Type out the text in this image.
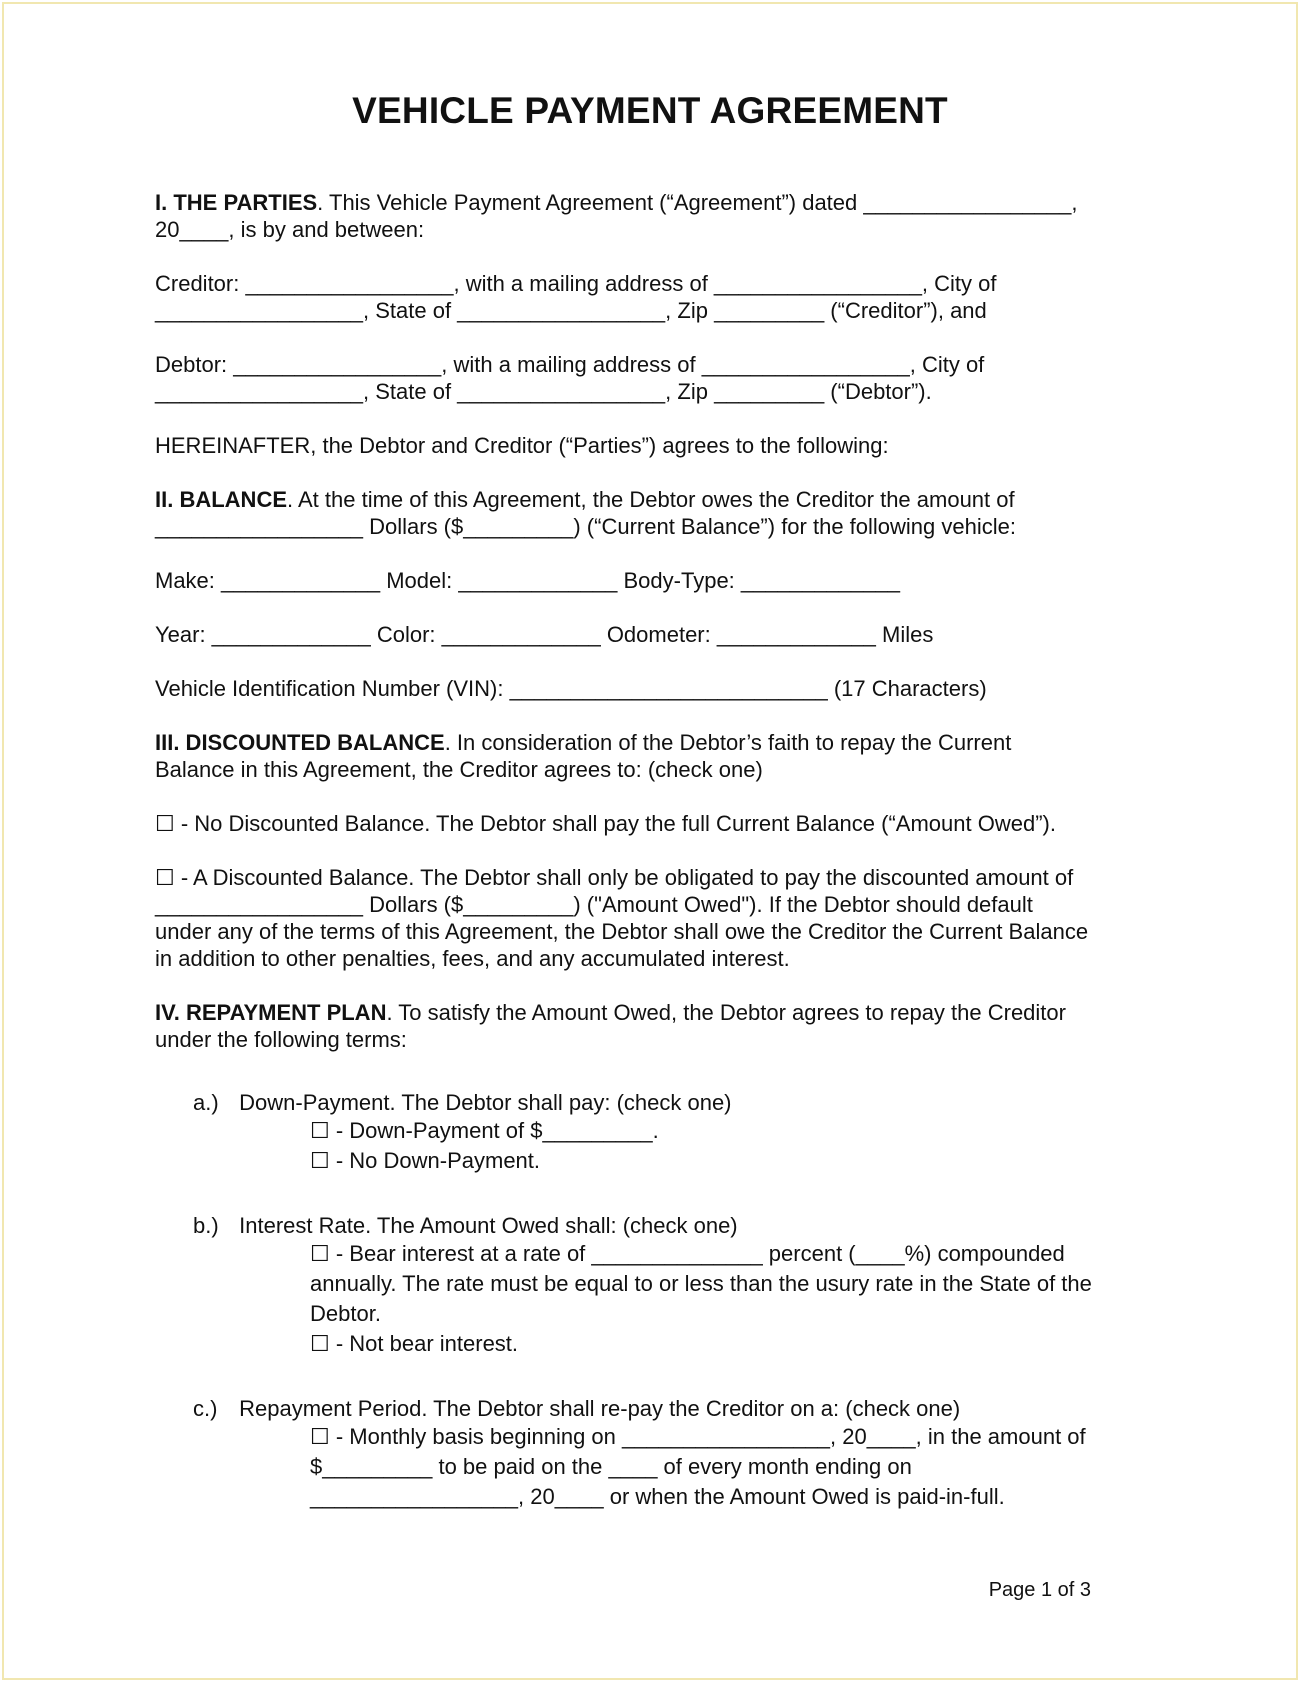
VEHICLE PAYMENT AGREEMENT

I. THE PARTIES. This Vehicle Payment Agreement (“Agreement”) dated _________________,
20____, is by and between:

Creditor: _________________, with a mailing address of _________________, City of
_________________, State of _________________, Zip _________ (“Creditor”), and

Debtor: _________________, with a mailing address of _________________, City of
_________________, State of _________________, Zip _________ (“Debtor”).

HEREINAFTER, the Debtor and Creditor (“Parties”) agrees to the following:

II. BALANCE. At the time of this Agreement, the Debtor owes the Creditor the amount of
_________________ Dollars ($_________) (“Current Balance”) for the following vehicle:

Make: _____________ Model: _____________ Body-Type: _____________

Year: _____________ Color: _____________ Odometer: _____________ Miles

Vehicle Identification Number (VIN): __________________________ (17 Characters)

III. DISCOUNTED BALANCE. In consideration of the Debtor’s faith to repay the Current
Balance in this Agreement, the Creditor agrees to: (check one)

☐ - No Discounted Balance. The Debtor shall pay the full Current Balance (“Amount Owed”).

☐ - A Discounted Balance. The Debtor shall only be obligated to pay the discounted amount of
_________________ Dollars ($_________) ("Amount Owed"). If the Debtor should default
under any of the terms of this Agreement, the Debtor shall owe the Creditor the Current Balance
in addition to other penalties, fees, and any accumulated interest.

IV. REPAYMENT PLAN. To satisfy the Amount Owed, the Debtor agrees to repay the Creditor
under the following terms:

a.) Down-Payment. The Debtor shall pay: (check one)
☐ - Down-Payment of $_________.
☐ - No Down-Payment.
b.) Interest Rate. The Amount Owed shall: (check one)
☐ - Bear interest at a rate of ______________ percent (____%) compounded
annually. The rate must be equal to or less than the usury rate in the State of the
Debtor.
☐ - Not bear interest.
c.) Repayment Period. The Debtor shall re-pay the Creditor on a: (check one)
☐ - Monthly basis beginning on _________________, 20____, in the amount of
$_________ to be paid on the ____ of every month ending on
_________________, 20____ or when the Amount Owed is paid-in-full.
Page 1 of 3
